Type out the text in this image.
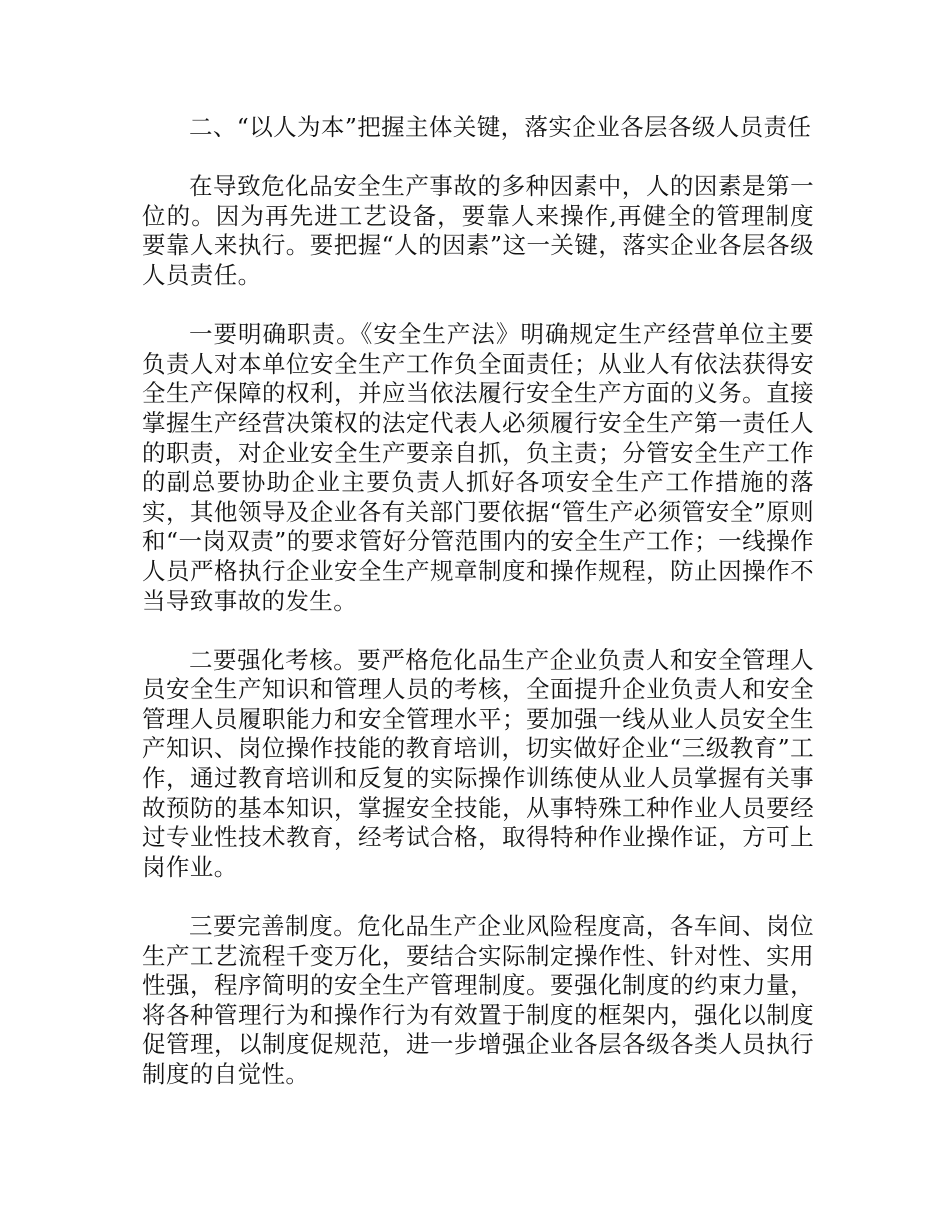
二、“以人为本”把握主体关键，落实企业各层各级人员责任

在导致危化品安全生产事故的多种因素中，人的因素是第一位的。因为再先进工艺设备，要靠人来操作,再健全的管理制度要靠人来执行。要把握“人的因素”这一关键，落实企业各层各级人员责任。

一要明确职责。《安全生产法》明确规定生产经营单位主要负责人对本单位安全生产工作负全面责任；从业人有依法获得安全生产保障的权利，并应当依法履行安全生产方面的义务。直接掌握生产经营决策权的法定代表人必须履行安全生产第一责任人的职责，对企业安全生产要亲自抓，负主责；分管安全生产工作的副总要协助企业主要负责人抓好各项安全生产工作措施的落实，其他领导及企业各有关部门要依据“管生产必须管安全”原则和“一岗双责”的要求管好分管范围内的安全生产工作；一线操作人员严格执行企业安全生产规章制度和操作规程，防止因操作不当导致事故的发生。

二要强化考核。要严格危化品生产企业负责人和安全管理人员安全生产知识和管理人员的考核，全面提升企业负责人和安全管理人员履职能力和安全管理水平；要加强一线从业人员安全生产知识、岗位操作技能的教育培训，切实做好企业“三级教育”工作，通过教育培训和反复的实际操作训练使从业人员掌握有关事故预防的基本知识，掌握安全技能，从事特殊工种作业人员要经过专业性技术教育，经考试合格，取得特种作业操作证，方可上岗作业。

三要完善制度。危化品生产企业风险程度高，各车间、岗位生产工艺流程千变万化，要结合实际制定操作性、针对性、实用性强，程序简明的安全生产管理制度。要强化制度的约束力量，将各种管理行为和操作行为有效置于制度的框架内，强化以制度促管理，以制度促规范，进一步增强企业各层各级各类人员执行制度的自觉性。
